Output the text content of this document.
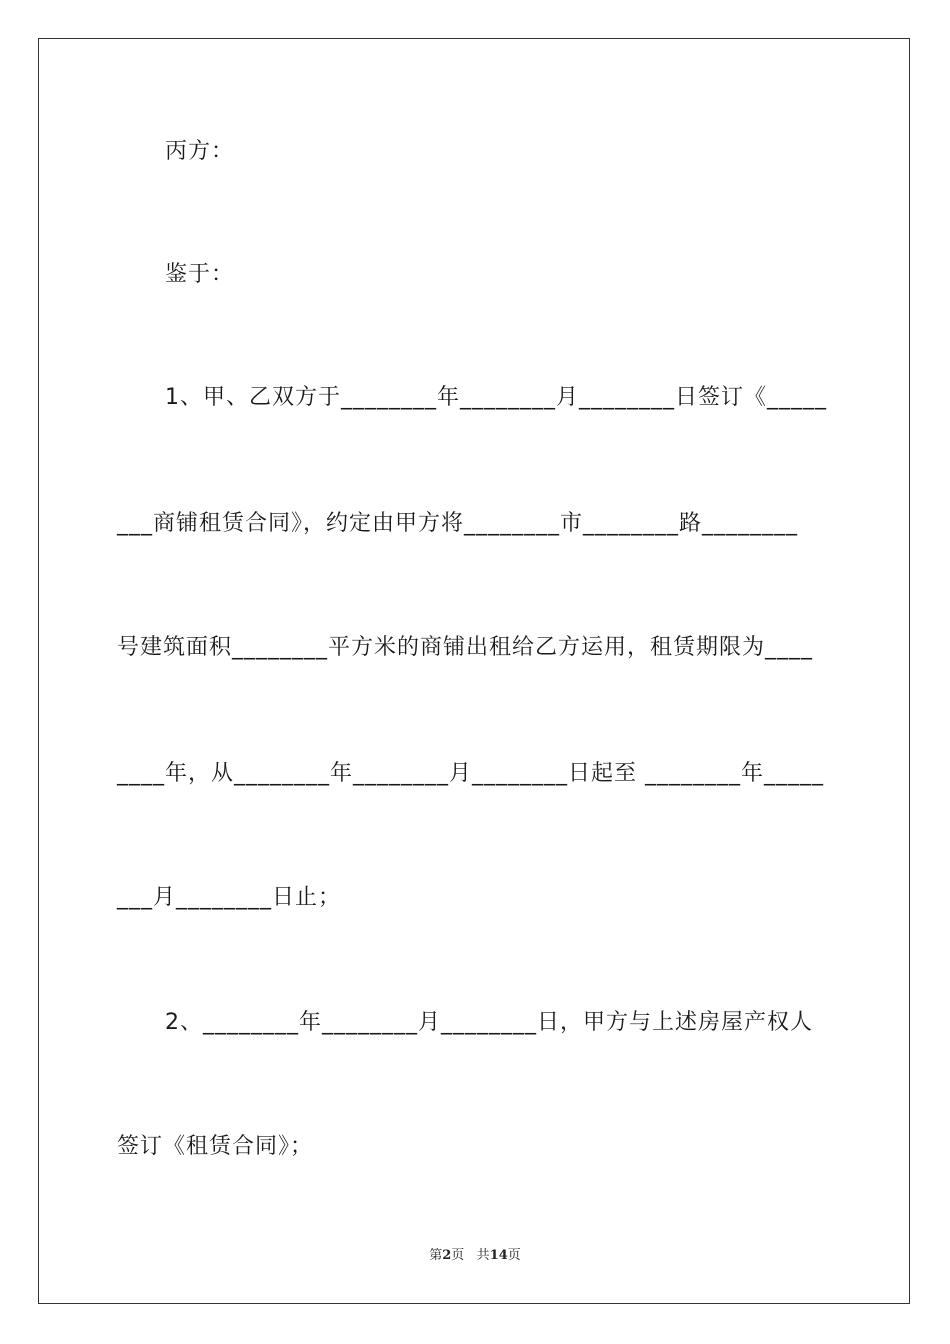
丙方：
鉴于：
1、甲、乙双方于________年________月________日签订《_____
___商铺租赁合同》，约定由甲方将________市________路________
号建筑面积________平方米的商铺出租给乙方运用，租赁期限为____
____年，从________年________月________日起至 ________年_____
___月________日止；
2、________年________月________日，甲方与上述房屋产权人
签订《租赁合同》；
第2页 共14页
